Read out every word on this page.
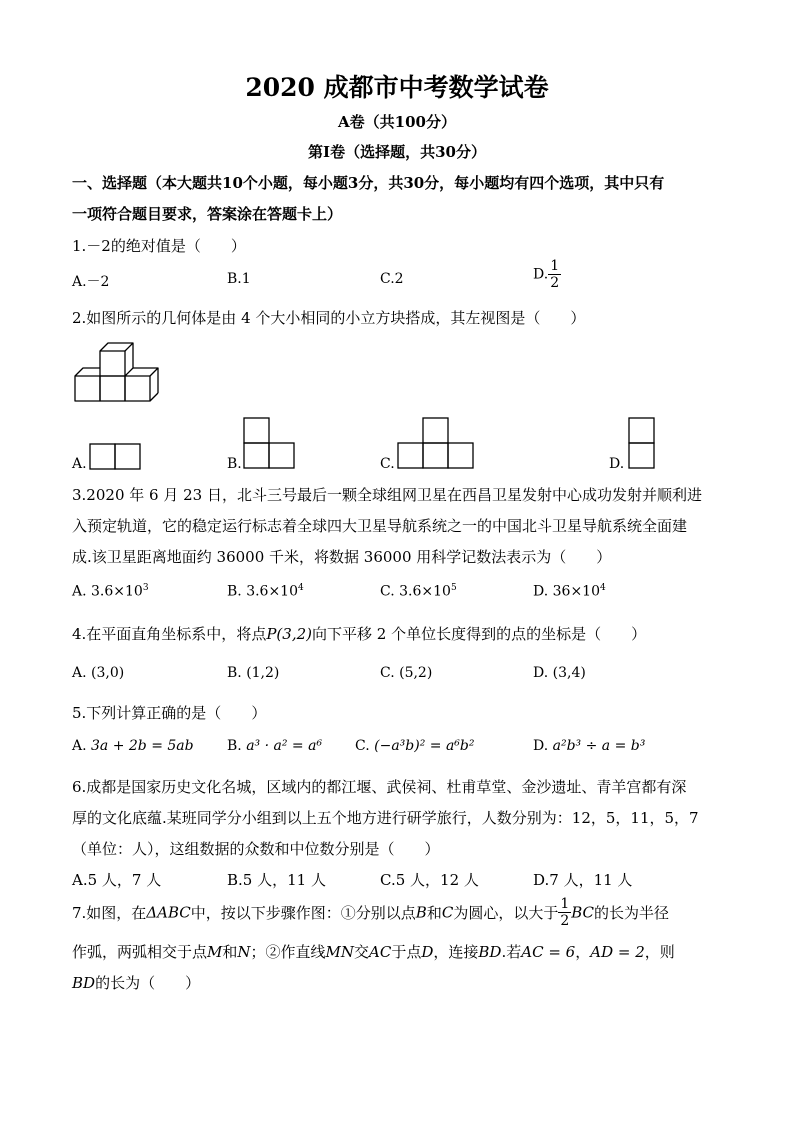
2020 成都市中考数学试卷
A卷（共100分）
第Ⅰ卷（选择题，共30分）
一、选择题（本大题共10个小题，每小题3分，共30分，每小题均有四个选项，其中只有
一项符合题目要求，答案涂在答题卡上）
1.－2的绝对值是（　　）
A.－2	B.1	C.2	D. $\frac{1}{2}$
2.如图所示的几何体是由 4 个大小相同的小立方块搭成，其左视图是（　　）
A.	B.	C.	D.
3.2020 年 6 月 23 日，北斗三号最后一颗全球组网卫星在西昌卫星发射中心成功发射并顺利进
入预定轨道，它的稳定运行标志着全球四大卫星导航系统之一的中国北斗卫星导航系统全面建
成.该卫星距离地面约 36000 千米，将数据 36000 用科学记数法表示为（　　）
A. $3.6\times 10^3$	B. $3.6\times 10^4$	C. $3.6\times 10^5$	D. $36\times 10^4$
4.在平面直角坐标系中，将点P(3,2)向下平移 2 个单位长度得到的点的坐标是（　　）
A. (3,0)	B. (1,2)	C. (5,2)	D. (3,4)
5.下列计算正确的是（　　）
A. 3a + 2b = 5ab B. a³ · a² = a⁶ C. (−a³b)² = a⁶b²	D. a²b³ ÷ a = b³
6.成都是国家历史文化名城，区域内的都江堰、武侯祠、杜甫草堂、金沙遗址、青羊宫都有深
厚的文化底蕴.某班同学分小组到以上五个地方进行研学旅行，人数分别为：12，5，11，5，7
（单位：人），这组数据的众数和中位数分别是（　　）
A.5 人，7 人	B.5 人，11 人	C.5 人，12 人	D.7 人，11 人
7.如图，在ΔABC中，按以下步骤作图：①分别以点B和C为圆心，以大于 $\frac{1}{2}$ BC的长为半径
作弧，两弧相交于点M和N；②作直线MN交AC于点D，连接BD.若AC = 6，AD = 2，则
BD的长为（　　）
